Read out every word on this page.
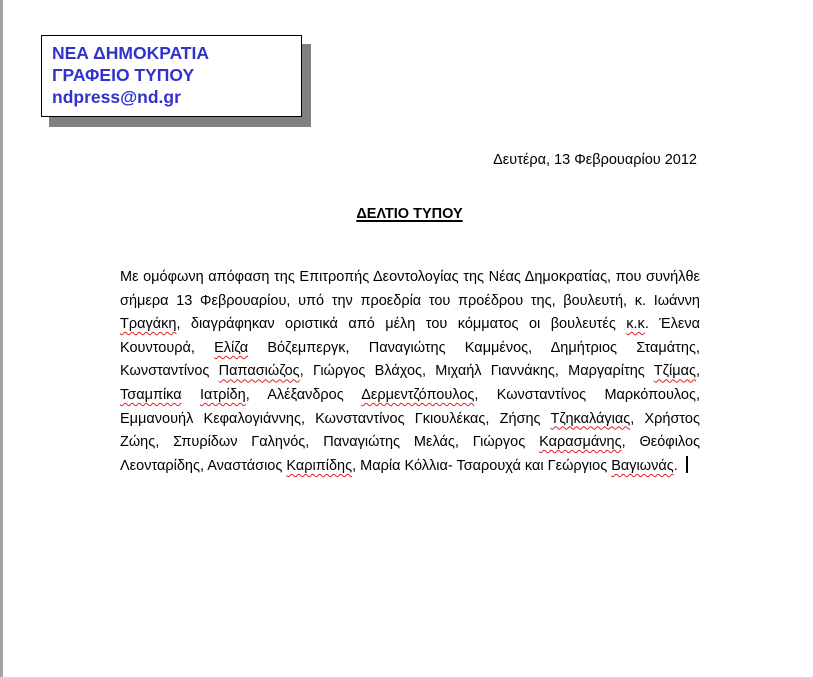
ΝΕΑ ΔΗΜΟΚΡΑΤΙΑ
ΓΡΑΦΕΙΟ ΤΥΠΟΥ
ndpress@nd.gr
Δευτέρα, 13 Φεβρουαρίου 2012
ΔΕΛΤΙΟ ΤΥΠΟΥ

Με ομόφωνη απόφαση της Επιτροπής Δεοντολογίας της Νέας Δημοκρατίας, που συνήλθε σήμερα 13 Φεβρουαρίου, υπό την προεδρία του προέδρου της, βουλευτή, κ. Ιωάννη Τραγάκη, διαγράφηκαν οριστικά από μέλη του κόμματος οι βουλευτές κ.κ. Έλενα Κουντουρά, Ελίζα Βόζεμπεργκ, Παναγιώτης Καμμένος, Δημήτριος Σταμάτης, Κωνσταντίνος Παπασιώζος, Γιώργος Βλάχος, Μιχαήλ Γιαννάκης, Μαργαρίτης Τζίμας, Τσαμπίκα Ιατρίδη, Αλέξανδρος Δερμεντζόπουλος, Κωνσταντίνος Μαρκόπουλος, Εμμανουήλ Κεφαλογιάννης, Κωνσταντίνος Γκιουλέκας, Ζήσης Τζηκαλάγιας, Χρήστος Ζώης, Σπυρίδων Γαληνός, Παναγιώτης Μελάς, Γιώργος Καρασμάνης, Θεόφιλος Λεονταρίδης, Αναστάσιος Καριπίδης, Μαρία Κόλλια- Τσαρουχά και Γεώργιος Βαγιωνάς.
